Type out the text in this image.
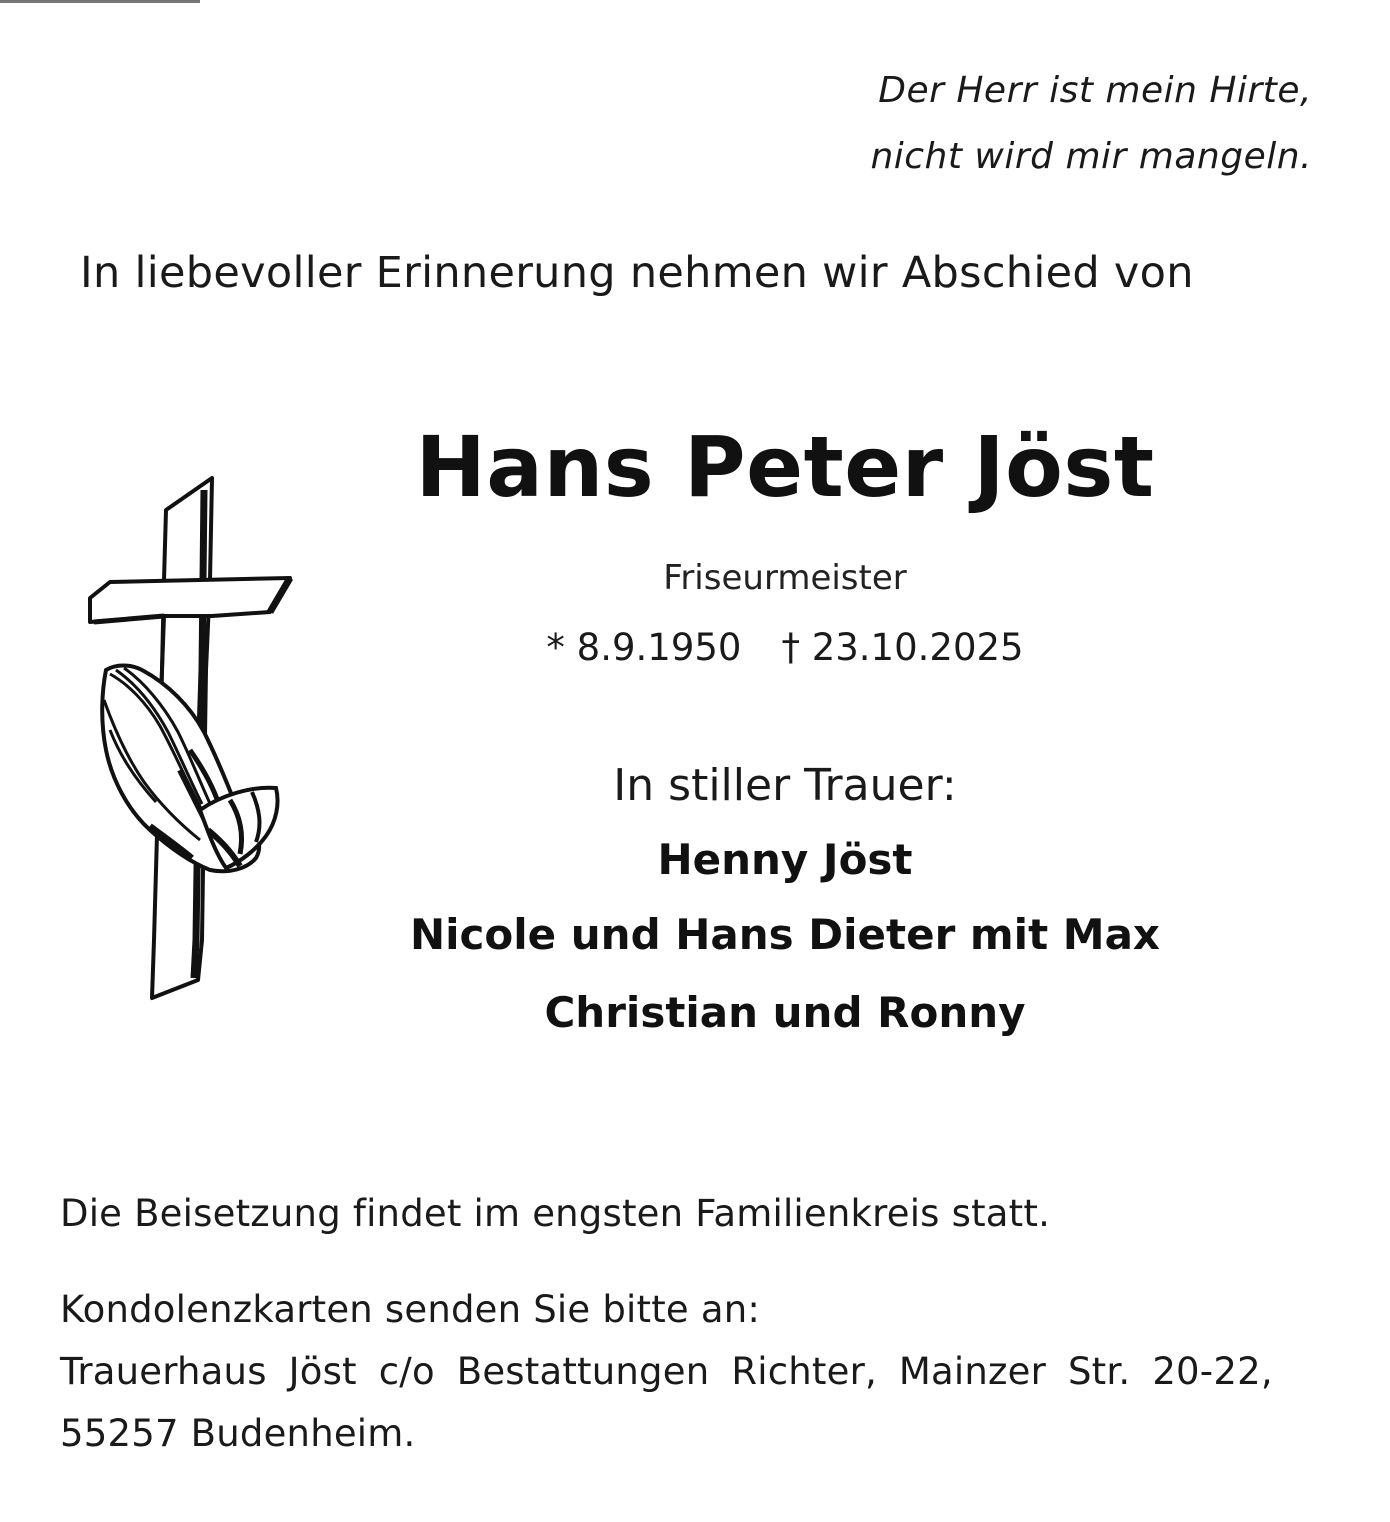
Der Herr ist mein Hirte,
nicht wird mir mangeln.
In liebevoller Erinnerung nehmen wir Abschied von
Hans Peter Jöst
Friseurmeister
* 8.9.1950 † 23.10.2025
In stiller Trauer:
Henny Jöst
Nicole und Hans Dieter mit Max
Christian und Ronny
Die Beisetzung findet im engsten Familienkreis statt.
Kondolenzkarten senden Sie bitte an:
Trauerhaus Jöst c/o Bestattungen Richter, Mainzer Str. 20-22,
55257 Budenheim.
